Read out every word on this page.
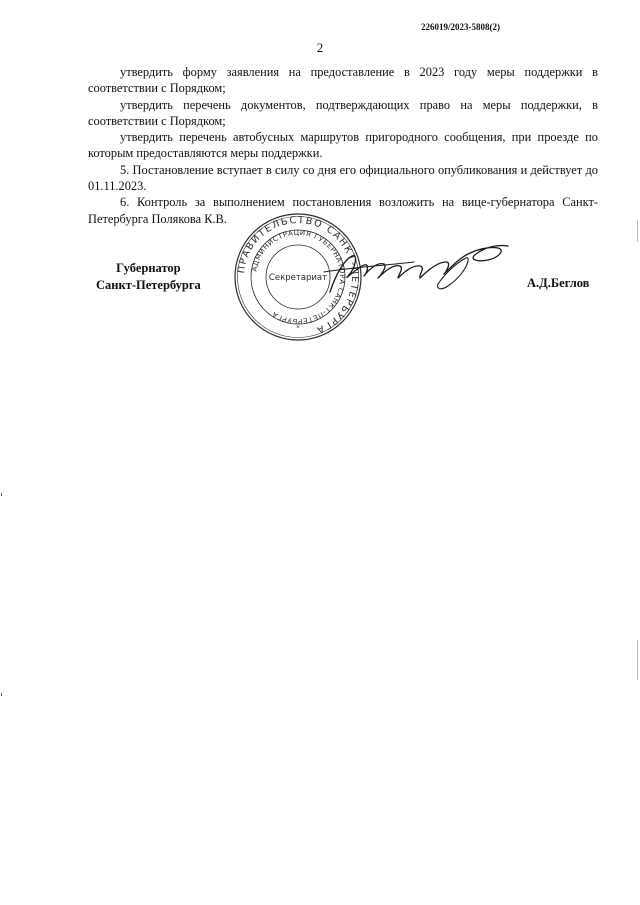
226019/2023-5808(2)
2

утвердить форму заявления на предоставление в 2023 году меры поддержки в соответствии с Порядком;

утвердить перечень документов, подтверждающих право на меры поддержки, в соответствии с Порядком;

утвердить перечень автобусных маршрутов пригородного сообщения, при проезде по которым предоставляются меры поддержки.

5. Постановление вступает в силу со дня его официального опубликования и действует до 01.11.2023.

6. Контроль за выполнением постановления возложить на вице-губернатора Санкт-Петербурга Полякова К.В.

Губернатор
Санкт-Петербурга
ПРАВИТЕЛЬСТВО САНКТ-ПЕТЕРБУРГА
АДМИНИСТРАЦИЯ ГУБЕРНАТОРА САНКТ-ПЕТЕРБУРГА
Секретариат
*
А.Д.Беглов
